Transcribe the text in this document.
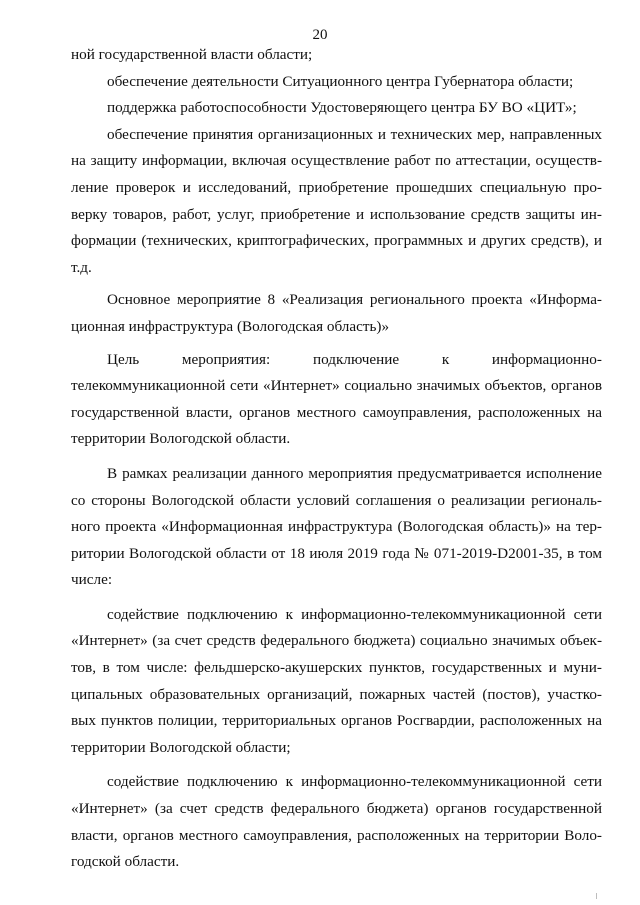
20
ной государственной власти области;
обеспечение деятельности Ситуационного центра Губернатора области;
поддержка работоспособности Удостоверяющего центра БУ ВО «ЦИТ»;
обеспечение принятия организационных и технических мер, направленных
на защиту информации, включая осуществление работ по аттестации, осуществ-
ление проверок и исследований, приобретение прошедших специальную про-
верку товаров, работ, услуг, приобретение и использование средств защиты ин-
формации (технических, криптографических, программных и других средств), и
т.д.
Основное мероприятие 8 «Реализация регионального проекта «Информа-
ционная инфраструктура (Вологодская область)»
Цель	мероприятия:	подключение	к	информационно-
телекоммуникационной сети «Интернет» социально значимых объектов, органов
государственной власти, органов местного самоуправления, расположенных на
территории Вологодской области.
В рамках реализации данного мероприятия предусматривается исполнение
со стороны Вологодской области условий соглашения о реализации региональ-
ного проекта «Информационная инфраструктура (Вологодская область)» на тер-
ритории Вологодской области от 18 июля 2019 года № 071-2019-D2001-35, в том
числе:
содействие подключению к информационно-телекоммуникационной сети
«Интернет» (за счет средств федерального бюджета) социально значимых объек-
тов, в том числе: фельдшерско-акушерских пунктов, государственных и муни-
ципальных образовательных организаций, пожарных частей (постов), участко-
вых пунктов полиции, территориальных органов Росгвардии, расположенных на
территории Вологодской области;
содействие подключению к информационно-телекоммуникационной сети
«Интернет» (за счет средств федерального бюджета) органов государственной
власти, органов местного самоуправления, расположенных на территории Воло-
годской области.
